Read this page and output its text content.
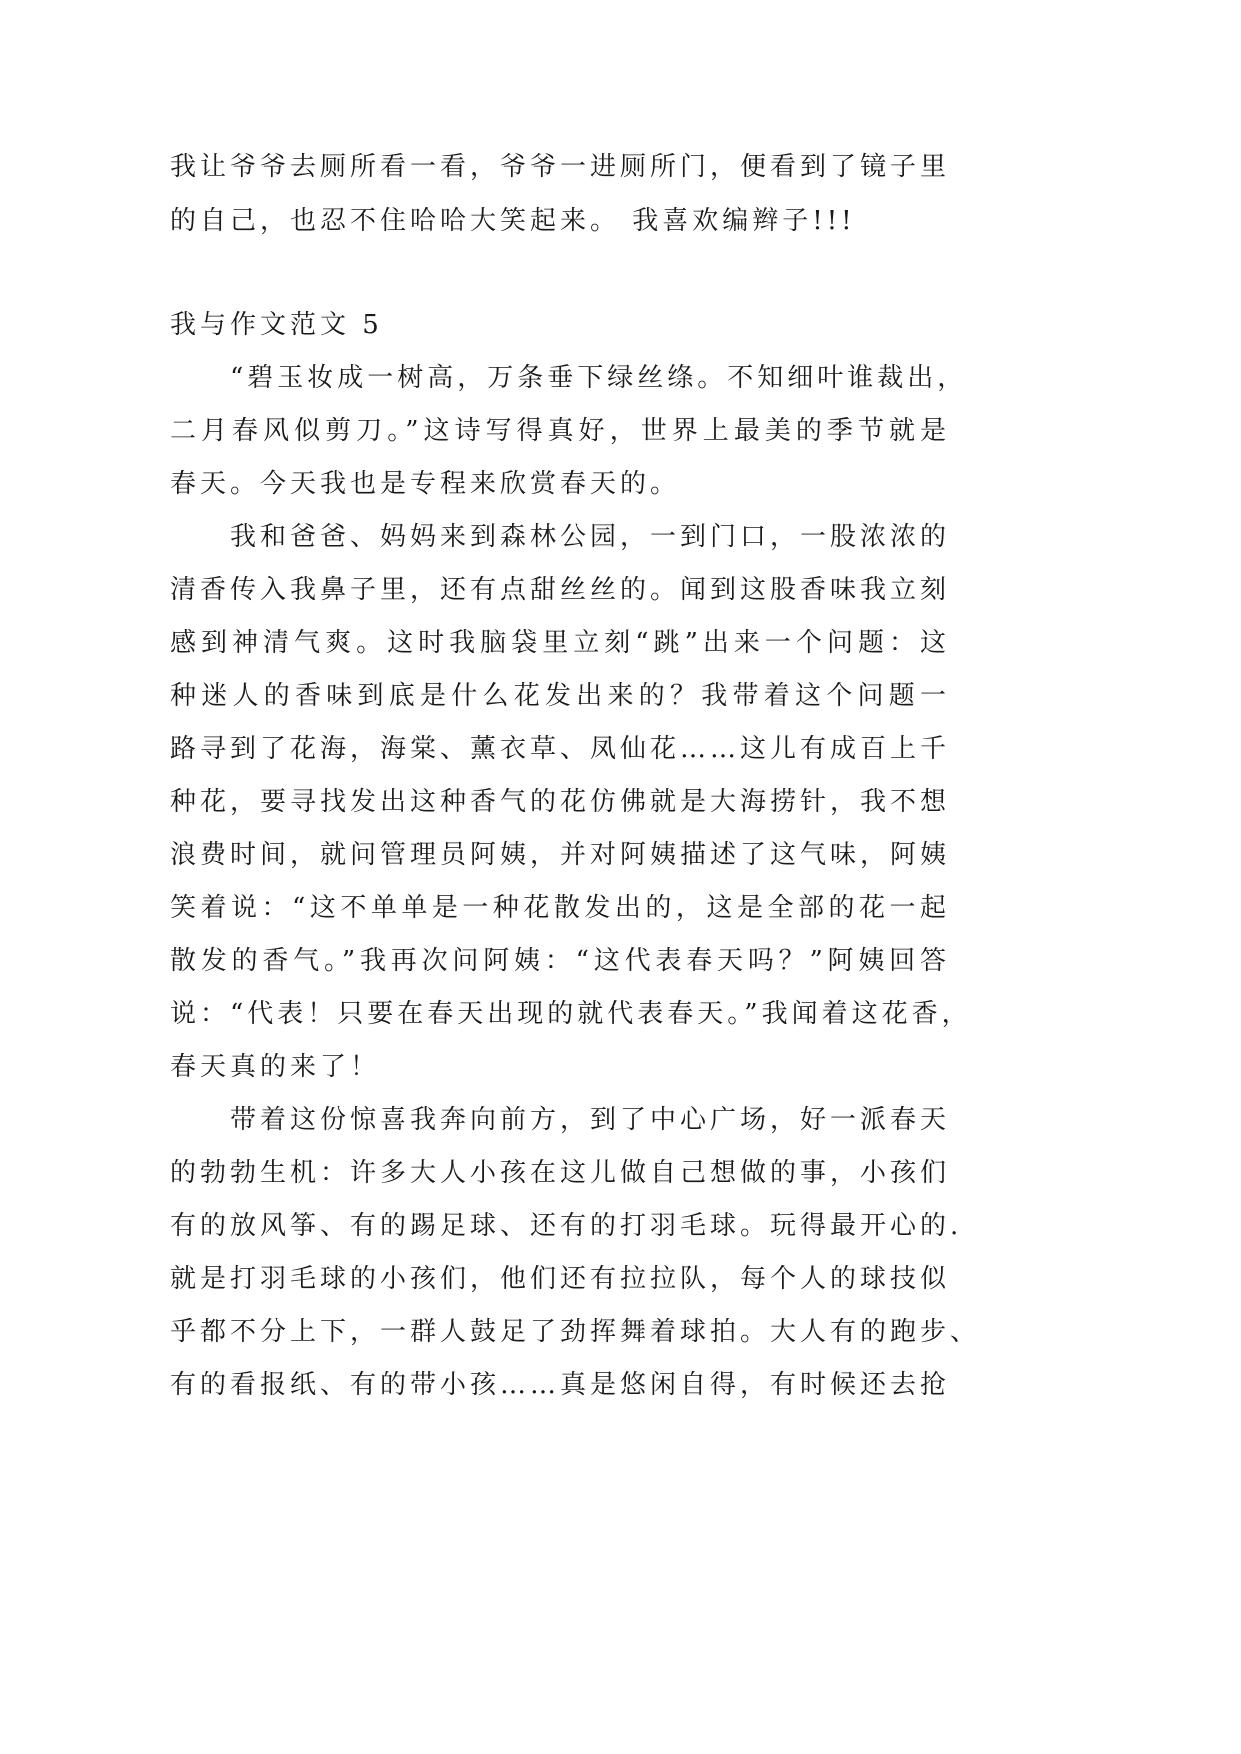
我让爷爷去厕所看一看，爷爷一进厕所门，便看到了镜子里
的自己，也忍不住哈哈大笑起来。 我喜欢编辫子!!!
我与作文范文 5
　　“碧玉妆成一树高，万条垂下绿丝绦。不知细叶谁裁出，
二月春风似剪刀。”这诗写得真好，世界上最美的季节就是
春天。今天我也是专程来欣赏春天的。
　　我和爸爸、妈妈来到森林公园，一到门口，一股浓浓的
清香传入我鼻子里，还有点甜丝丝的。闻到这股香味我立刻
感到神清气爽。这时我脑袋里立刻“跳”出来一个问题：这
种迷人的香味到底是什么花发出来的？我带着这个问题一
路寻到了花海，海棠、薰衣草、凤仙花……这儿有成百上千
种花，要寻找发出这种香气的花仿佛就是大海捞针，我不想
浪费时间，就问管理员阿姨，并对阿姨描述了这气味，阿姨
笑着说：“这不单单是一种花散发出的，这是全部的花一起
散发的香气。”我再次问阿姨：“这代表春天吗？”阿姨回答
说：“代表！只要在春天出现的就代表春天。”我闻着这花香，
春天真的来了！
　　带着这份惊喜我奔向前方，到了中心广场，好一派春天
的勃勃生机：许多大人小孩在这儿做自己想做的事，小孩们
有的放风筝、有的踢足球、还有的打羽毛球。玩得最开心的.
就是打羽毛球的小孩们，他们还有拉拉队，每个人的球技似
乎都不分上下，一群人鼓足了劲挥舞着球拍。大人有的跑步、
有的看报纸、有的带小孩……真是悠闲自得，有时候还去抢
